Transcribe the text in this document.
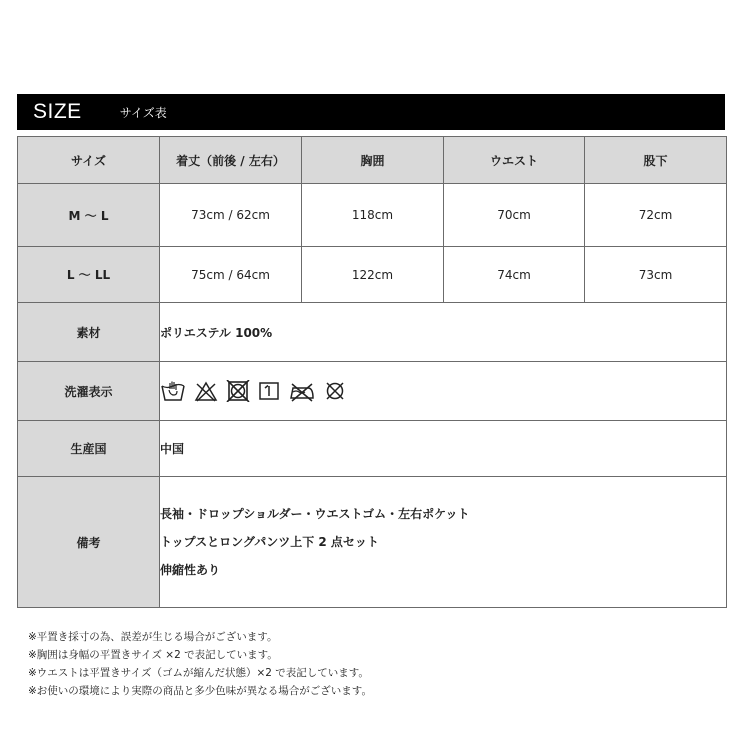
SIZE	サイズ表
サイズ	着丈（前後 / 左右）	胸囲	ウエスト	股下
M ～ L	73cm / 62cm	118cm	70cm	72cm
L ～ LL	75cm / 64cm	122cm	74cm	73cm
素材	ポリエステル 100%			
洗濯表示	

生産国	中国			
備考	長袖・ドロップショルダー・ウエストゴム・左右ポケット
トップスとロングパンツ上下 2 点セット
伸縮性あり			
※平置き採寸の為、誤差が生じる場合がございます。
※胸囲は身幅の平置きサイズ ×2 で表記しています。
※ウエストは平置きサイズ（ゴムが縮んだ状態）×2 で表記しています。
※お使いの環境により実際の商品と多少色味が異なる場合がございます。
